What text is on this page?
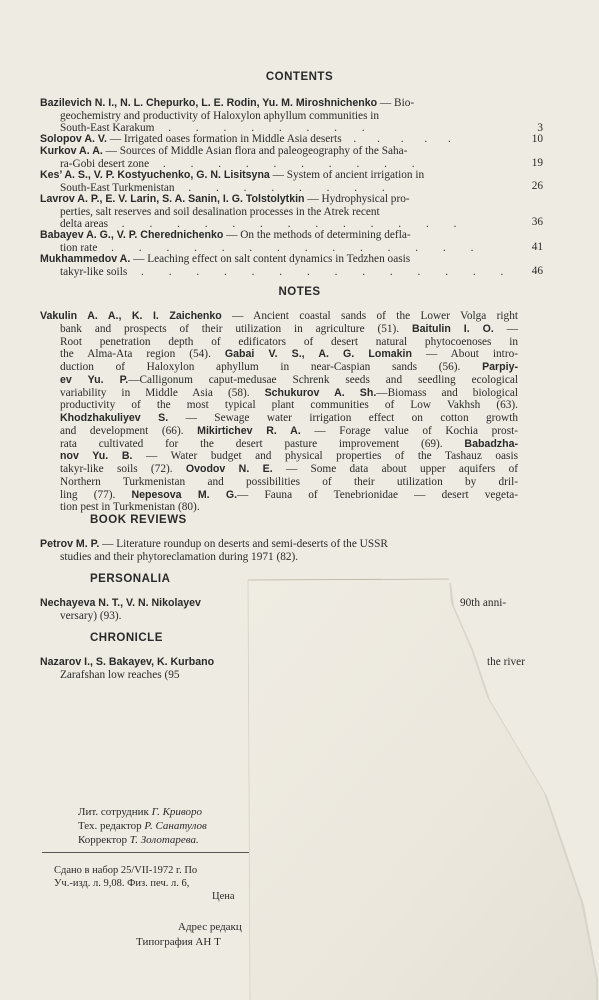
CONTENTS
Bazilevich N. I., N. L. Chepurko, L. E. Rodin, Yu. M. Miroshnichenko — Bio-
geochemistry and productivity of Haloxylon aphyllum communities in
South-East Karakum . . . . . . . .	3
Solopov A. V. — Irrigated oases formation in Middle Asia deserts . . . . .	10
Kurkov A. A. — Sources of Middle Asian flora and paleogeography of the Saha-
ra-Gobi desert zone . . . . . . . . . .	19
Kes’ A. S., V. P. Kostyuchenko, G. N. Lisitsyna — System of ancient irrigation in
South-East Turkmenistan . . . . . . . .	26
Lavrov A. P., E. V. Larin, S. A. Sanin, I. G. Tolstolytkin — Hydrophysical pro-
perties, salt reserves and soil desalination processes in the Atrek recent
delta areas . . . . . . . . . . . . .	36
Babayev A. G., V. P. Cherednichenko — On the methods of determining defla-
tion rate . . . . . . . . . . . . . .	41
Mukhammedov A. — Leaching effect on salt content dynamics in Tedzhen oasis
takyr-like soils . . . . . . . . . . . . . .	46
NOTES
Vakulin A. A., K. I. Zaichenko — Ancient coastal sands of the Lower Volga right
bank and prospects of their utilization in agriculture (51). Baitulin I. O. —
Root penetration depth of edificators of desert natural phytocoenoses in
the Alma-Ata region (54). Gabai V. S., A. G. Lomakin — About intro-
duction of Haloxylon aphyllum in near-Caspian sands (56). Parpiy-
ev Yu. P.—Calligonum caput-medusae Schrenk seeds and seedling ecological
variability in Middle Asia (58). Schukurov A. Sh.—Biomass and biological
productivity of the most typical plant communities of Low Vakhsh (63).
Khodzhakuliyev S. — Sewage water irrigation effect on cotton growth
and development (66). Mikirtichev R. A. — Forage value of Kochia prost-
rata cultivated for the desert pasture improvement (69). Babadzha-
nov Yu. B. — Water budget and physical properties of the Tashauz oasis
takyr-like soils (72). Ovodov N. E. — Some data about upper aquifers of
Northern Turkmenistan and possibilities of their utilization by dril-
ling (77). Nepesova M. G.— Fauna of Tenebrionidae — desert vegeta-
tion pest in Turkmenistan (80).
BOOK REVIEWS
Petrov M. P. — Literature roundup on deserts and semi-deserts of the USSR
studies and their phytoreclamation during 1971 (82).
PERSONALIA
Nechayeva N. T., V. N. Nikolayev
versary) (93).
90th anni-
CHRONICLE
Nazarov I., S. Bakayev, K. Kurbano
Zarafshan low reaches (95
the river
Лит. сотрудник Г. Криворо
Тех. редактор Р. Санатулов
Корректор Т. Золотарева.
Сдано в набор 25/VII-1972 г. По
Уч.-изд. л. 9,08. Физ. печ. л. 6,
Цена
Адрес редакц
Типография АН Т
